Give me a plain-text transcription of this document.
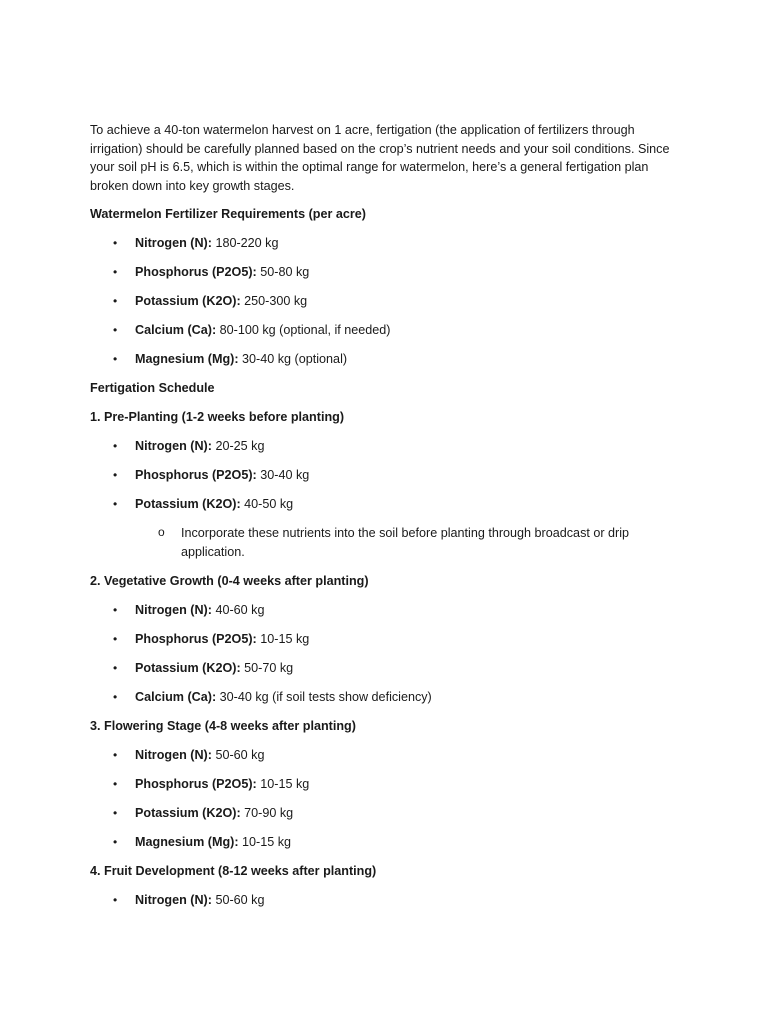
To achieve a 40-ton watermelon harvest on 1 acre, fertigation (the application of fertilizers through irrigation) should be carefully planned based on the crop’s nutrient needs and your soil conditions. Since your soil pH is 6.5, which is within the optimal range for watermelon, here’s a general fertigation plan broken down into key growth stages.

Watermelon Fertilizer Requirements (per acre)

• Nitrogen (N): 180-220 kg
• Phosphorus (P2O5): 50-80 kg
• Potassium (K2O): 250-300 kg
• Calcium (Ca): 80-100 kg (optional, if needed)
• Magnesium (Mg): 30-40 kg (optional)

Fertigation Schedule

1. Pre-Planting (1-2 weeks before planting)

• Nitrogen (N): 20-25 kg
• Phosphorus (P2O5): 30-40 kg
• Potassium (K2O): 40-50 kg
o Incorporate these nutrients into the soil before planting through broadcast or drip application.

2. Vegetative Growth (0-4 weeks after planting)

• Nitrogen (N): 40-60 kg
• Phosphorus (P2O5): 10-15 kg
• Potassium (K2O): 50-70 kg
• Calcium (Ca): 30-40 kg (if soil tests show deficiency)

3. Flowering Stage (4-8 weeks after planting)

• Nitrogen (N): 50-60 kg
• Phosphorus (P2O5): 10-15 kg
• Potassium (K2O): 70-90 kg
• Magnesium (Mg): 10-15 kg

4. Fruit Development (8-12 weeks after planting)

• Nitrogen (N): 50-60 kg
